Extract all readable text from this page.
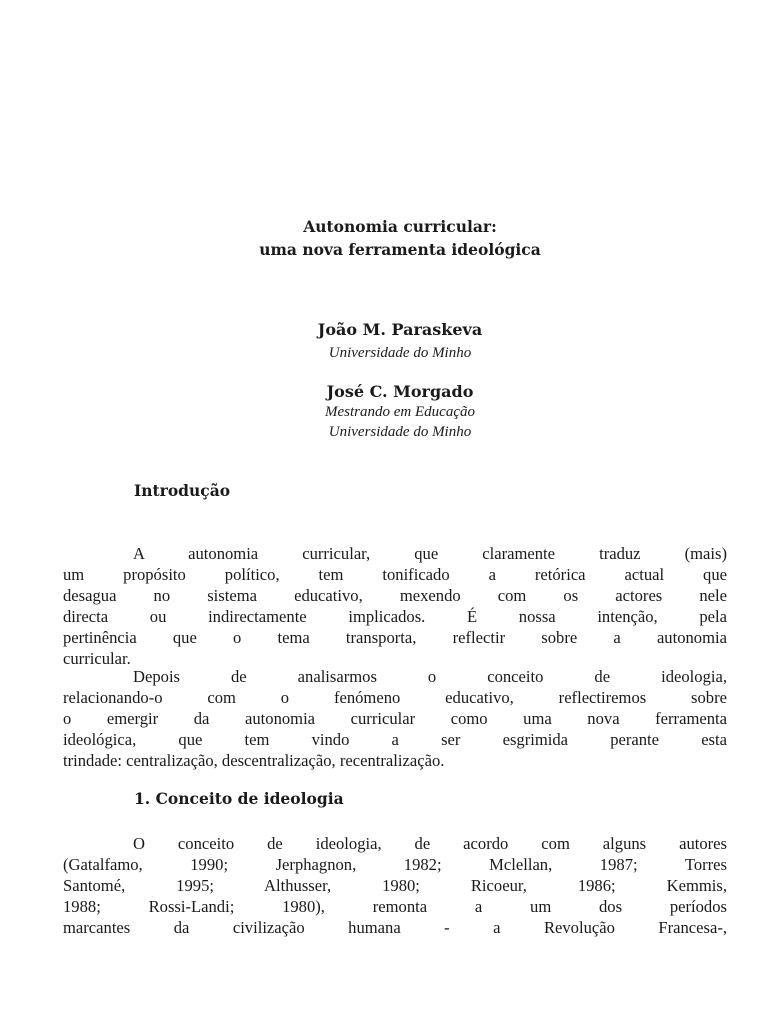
Autonomia curricular:
uma nova ferramenta ideológica
João M. Paraskeva
Universidade do Minho
José C. Morgado
Mestrando em Educação
Universidade do Minho
Introdução
A autonomia curricular, que claramente traduz (mais)
um propósito político, tem tonificado a retórica actual que
desagua no sistema educativo, mexendo com os actores nele
directa ou indirectamente implicados. É nossa intenção, pela
pertinência que o tema transporta, reflectir sobre a autonomia
curricular.
Depois de analisarmos o conceito de ideologia,
relacionando-o com o fenómeno educativo, reflectiremos sobre
o emergir da autonomia curricular como uma nova ferramenta
ideológica, que tem vindo a ser esgrimida perante esta
trindade: centralização, descentralização, recentralização.
1. Conceito de ideologia
O conceito de ideologia, de acordo com alguns autores
(Gatalfamo, 1990; Jerphagnon, 1982; Mclellan, 1987; Torres
Santomé, 1995; Althusser, 1980; Ricoeur, 1986; Kemmis,
1988; Rossi-Landi; 1980), remonta a um dos períodos
marcantes da civilização humana - a Revolução Francesa-,
